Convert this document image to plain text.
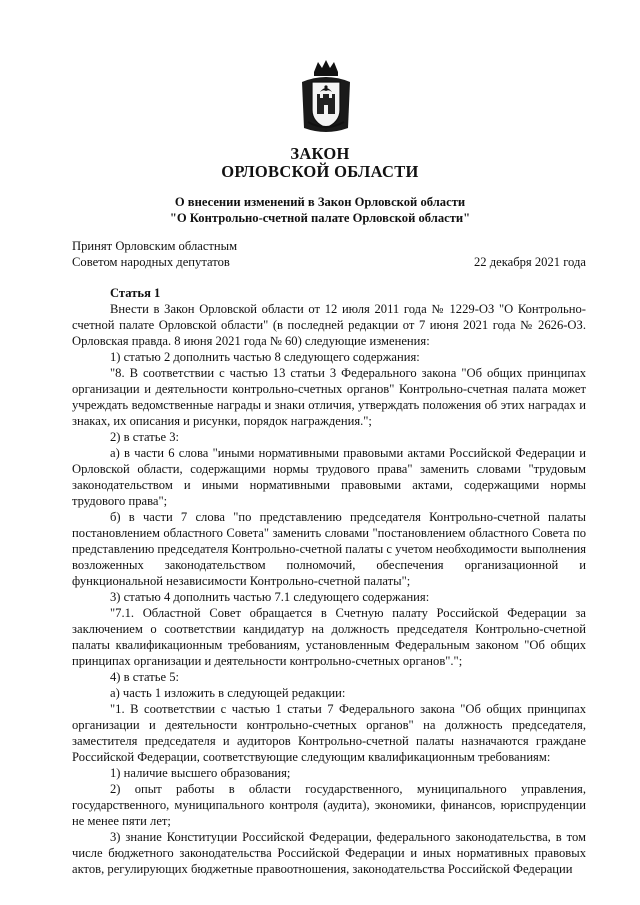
ЗАКОН
ОРЛОВСКОЙ ОБЛАСТИ
О внесении изменений в Закон Орловской области
"О Контрольно-счетной палате Орловской области"
Принят Орловским областным
Советом народных депутатов	22 декабря 2021 года

Статья 1

Внести в Закон Орловской области от 12 июля 2011 года № 1229-ОЗ "О Контрольно-счетной палате Орловской области" (в последней редакции от 7 июня 2021 года № 2626-ОЗ. Орловская правда. 8 июня 2021 года № 60) следующие изменения:

1) статью 2 дополнить частью 8 следующего содержания:

"8. В соответствии с частью 13 статьи 3 Федерального закона "Об общих принципах организации и деятельности контрольно-счетных органов" Контрольно-счетная палата может учреждать ведомственные награды и знаки отличия, утверждать положения об этих наградах и знаках, их описания и рисунки, порядок награждения.";

2) в статье 3:

а) в части 6 слова "иными нормативными правовыми актами Российской Федерации и Орловской области, содержащими нормы трудового права" заменить словами "трудовым законодательством и иными нормативными правовыми актами, содержащими нормы трудового права";

б) в части 7 слова "по представлению председателя Контрольно-счетной палаты постановлением областного Совета" заменить словами "постановлением областного Совета по представлению председателя Контрольно-счетной палаты с учетом необходимости выполнения возложенных законодательством полномочий, обеспечения организационной и функциональной независимости Контрольно-счетной палаты";

3) статью 4 дополнить частью 7.1 следующего содержания:

"7.1. Областной Совет обращается в Счетную палату Российской Федерации за заключением о соответствии кандидатур на должность председателя Контрольно-счетной палаты квалификационным требованиям, установленным Федеральным законом "Об общих принципах организации и деятельности контрольно-счетных органов".";

4) в статье 5:

а) часть 1 изложить в следующей редакции:

"1. В соответствии с частью 1 статьи 7 Федерального закона "Об общих принципах организации и деятельности контрольно-счетных органов" на должность председателя, заместителя председателя и аудиторов Контрольно-счетной палаты назначаются граждане Российской Федерации, соответствующие следующим квалификационным требованиям:

1) наличие высшего образования;

2) опыт работы в области государственного, муниципального управления, государственного, муниципального контроля (аудита), экономики, финансов, юриспруденции не менее пяти лет;

3) знание Конституции Российской Федерации, федерального законодательства, в том числе бюджетного законодательства Российской Федерации и иных нормативных правовых актов, регулирующих бюджетные правоотношения, законодательства Российской Федерации
